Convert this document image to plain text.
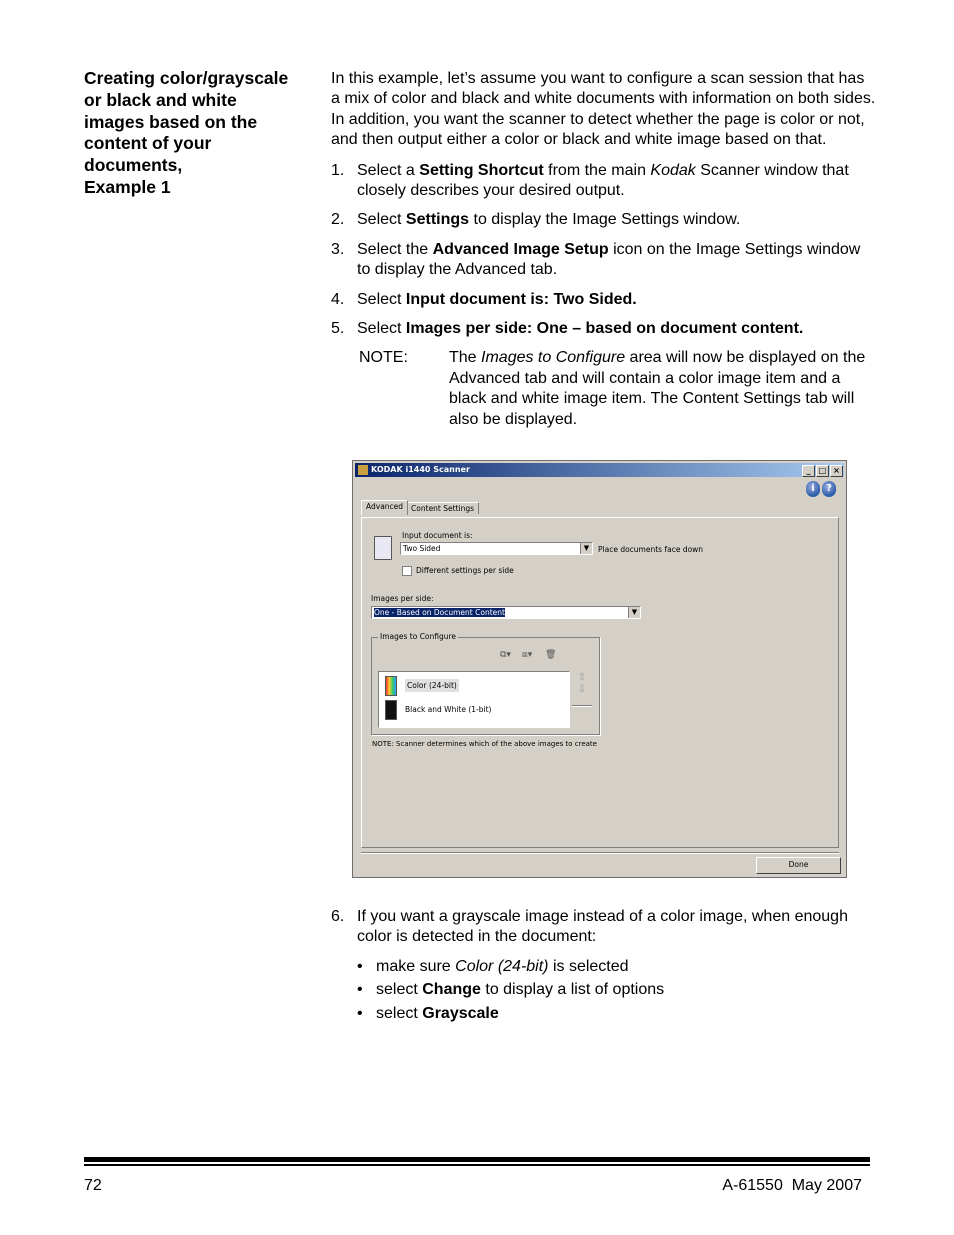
Creating color/grayscale
or black and white
images based on the
content of your
documents,
Example 1

In this example, let’s assume you want to configure a scan session that has a mix of color and black and white documents with information on both sides. In addition, you want the scanner to detect whether the page is color or not, and then output either a color or black and white image based on that.

1. Select a Setting Shortcut from the main Kodak Scanner window that closely describes your desired output.
2. Select Settings to display the Image Settings window.
3. Select the Advanced Image Setup icon on the Image Settings window to display the Advanced tab.
4. Select Input document is: Two Sided.
5. Select Images per side: One – based on document content.
NOTE:	The Images to Configure area will now be displayed on the Advanced tab and will contain a color image item and a black and white image item. The Content Settings tab will also be displayed.
KODAK i1440 Scanner	_ □ ×
i ?
Advanced Content Settings
Input document is:
Two Sided	▼	Place documents face down
Different settings per side
Images per side:
One - Based on Document Content	▼
Images to Configure
⧉▾ ⧈▾ 🗑
Color (24-bit)
Black and White (1-bit)
⇧
⇩
NOTE: Scanner determines which of the above images to create
Done
6. If you want a grayscale image instead of a color image, when enough color is detected in the document:
• make sure Color (24-bit) is selected
• select Change to display a list of options
• select Grayscale
72	A-61550  May 2007
